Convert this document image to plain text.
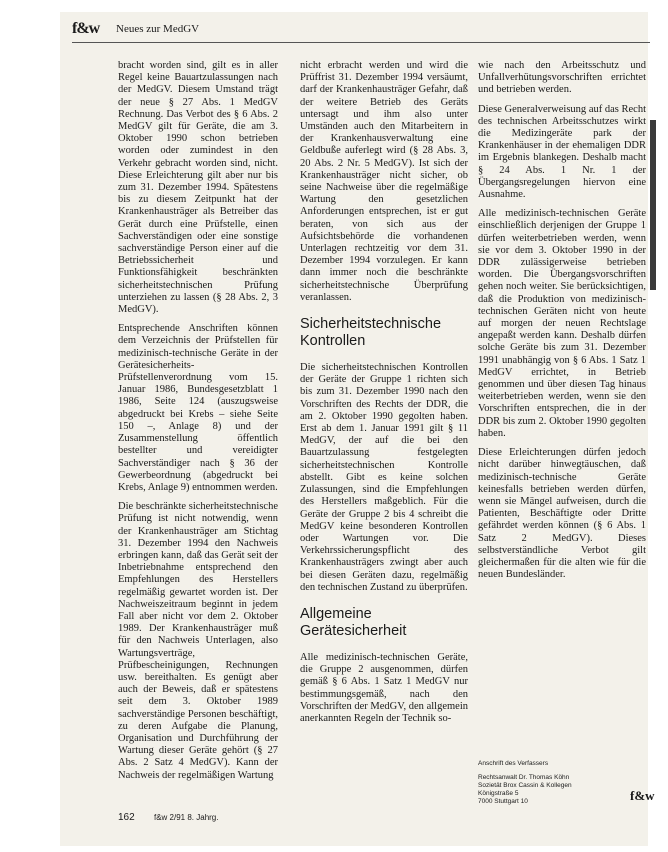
f&w Neues zur MedGV

bracht worden sind, gilt es in aller Regel keine Bauartzulassungen nach der MedGV. Diesem Umstand trägt der neue § 27 Abs. 1 MedGV Rechnung. Das Verbot des § 6 Abs. 2 MedGV gilt für Geräte, die am 3. Oktober 1990 schon betrieben worden oder zumindest in den Verkehr gebracht worden sind, nicht. Diese Erleichterung gilt aber nur bis zum 31. Dezember 1994. Spätestens bis zu diesem Zeitpunkt hat der Krankenhausträger als Betreiber das Gerät durch eine Prüfstelle, einen Sachverständigen oder eine sonstige sachverständige Person einer auf die Betriebssicherheit und Funktionsfähigkeit beschränkten sicherheitstechnischen Prüfung unterziehen zu lassen (§ 28 Abs. 2, 3 MedGV).

Entsprechende Anschriften können dem Verzeichnis der Prüfstellen für medizinisch-technische Geräte in der Gerätesicherheits-Prüfstellenverordnung vom 15. Januar 1986, Bundesgesetzblatt 1 1986, Seite 124 (auszugsweise abgedruckt bei Krebs – siehe Seite 150 –, Anlage 8) und der Zusammenstellung öffentlich bestellter und vereidigter Sachverständiger nach § 36 der Gewerbeordnung (abgedruckt bei Krebs, Anlage 9) entnommen werden.

Die beschränkte sicherheitstechnische Prüfung ist nicht notwendig, wenn der Krankenhausträger am Stichtag 31. Dezember 1994 den Nachweis erbringen kann, daß das Gerät seit der Inbetriebnahme entsprechend den Empfehlungen des Herstellers regelmäßig gewartet worden ist. Der Nachweiszeitraum beginnt in jedem Fall aber nicht vor dem 2. Oktober 1989. Der Krankenhausträger muß für den Nachweis Unterlagen, also Wartungsverträge, Prüfbescheinigungen, Rechnungen usw. bereithalten. Es genügt aber auch der Beweis, daß er spätestens seit dem 3. Oktober 1989 sachverständige Personen beschäftigt, zu deren Aufgabe die Planung, Organisation und Durchführung der Wartung dieser Geräte gehört (§ 27 Abs. 2 Satz 4 MedGV). Kann der Nachweis der regelmäßigen Wartung

nicht erbracht werden und wird die Prüffrist 31. Dezember 1994 versäumt, darf der Krankenhausträger Gefahr, daß der weitere Betrieb des Geräts untersagt und ihm also unter Umständen auch den Mitarbeitern in der Krankenhausverwaltung eine Geldbuße auferlegt wird (§ 28 Abs. 3, 20 Abs. 2 Nr. 5 MedGV). Ist sich der Krankenhausträger nicht sicher, ob seine Nachweise über die regelmäßige Wartung den gesetzlichen Anforderungen entsprechen, ist er gut beraten, von sich aus der Aufsichtsbehörde die vorhandenen Unterlagen rechtzeitig vor dem 31. Dezember 1994 vorzulegen. Er kann dann immer noch die beschränkte sicherheitstechnische Überprüfung veranlassen.

Sicherheitstechnische Kontrollen

Die sicherheitstechnischen Kontrollen der Geräte der Gruppe 1 richten sich bis zum 31. Dezember 1990 nach den Vorschriften des Rechts der DDR, die am 2. Oktober 1990 gegolten haben. Erst ab dem 1. Januar 1991 gilt § 11 MedGV, der auf die bei den Bauartzulassung festgelegten sicherheitstechnischen Kontrolle abstellt. Gibt es keine solchen Zulassungen, sind die Empfehlungen des Herstellers maßgeblich. Für die Geräte der Gruppe 2 bis 4 schreibt die MedGV keine besonderen Kontrollen oder Wartungen vor. Die Verkehrssicherungspflicht des Krankenhausträgers zwingt aber auch bei diesen Geräten dazu, regelmäßig den technischen Zustand zu überprüfen.

Allgemeine Gerätesicherheit

Alle medizinisch-technischen Geräte, die Gruppe 2 ausgenommen, dürfen gemäß § 6 Abs. 1 Satz 1 MedGV nur bestimmungsgemäß, nach den Vorschriften der MedGV, den allgemein anerkannten Regeln der Technik so-

wie nach den Arbeitsschutz und Unfallverhütungsvorschriften errichtet und betrieben werden.

Diese Generalverweisung auf das Recht des technischen Arbeitsschutzes wirkt die Medizingeräte park der Krankenhäuser in der ehemaligen DDR im Ergebnis blankegen. Deshalb macht § 24 Abs. 1 Nr. 1 der Übergangsregelungen hiervon eine Ausnahme.

Alle medizinisch-technischen Geräte einschließlich derjenigen der Gruppe 1 dürfen weiterbetrieben werden, wenn sie vor dem 3. Oktober 1990 in der DDR zulässigerweise betrieben worden. Die Übergangsvorschriften gehen noch weiter. Sie berücksichtigen, daß die Produktion von medizinisch-technischen Geräten nicht von heute auf morgen der neuen Rechtslage angepaßt werden kann. Deshalb dürfen solche Geräte bis zum 31. Dezember 1991 unabhängig von § 6 Abs. 1 Satz 1 MedGV errichtet, in Betrieb genommen und über diesen Tag hinaus weiterbetrieben werden, wenn sie den Vorschriften entsprechen, die in der DDR bis zum 2. Oktober 1990 gegolten haben.

Diese Erleichterungen dürfen jedoch nicht darüber hinwegtäuschen, daß medizinisch-technische Geräte keinesfalls betrieben werden dürfen, wenn sie Mängel aufweisen, durch die Patienten, Beschäftigte oder Dritte gefährdet werden können (§ 6 Abs. 1 Satz 2 MedGV). Dieses selbstverständliche Verbot gilt gleichermaßen für die alten wie für die neuen Bundesländer.

Anschrift des Verfassers
Rechtsanwalt Dr. Thomas Köhn
Sozietät Brox Cassin & Kollegen
Königstraße 5
7000 Stuttgart 10	f&w
162 f&w 2/91 8. Jahrg.
